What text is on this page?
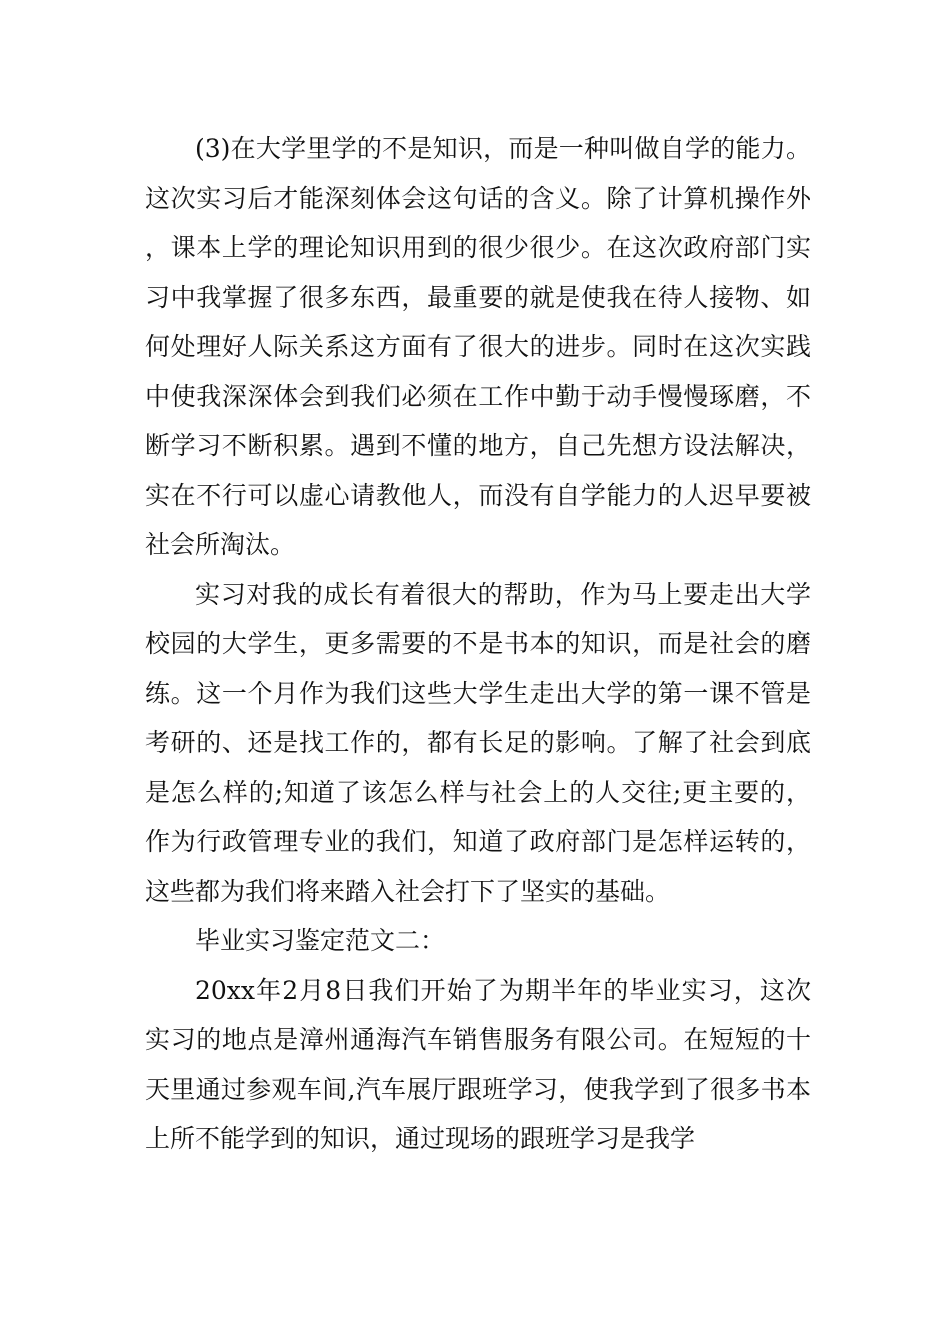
(3)在大学里学的不是知识，而是一种叫做自学的能力。这次实习后才能深刻体会这句话的含义。除了计算机操作外，课本上学的理论知识用到的很少很少。在这次政府部门实习中我掌握了很多东西，最重要的就是使我在待人接物、如何处理好人际关系这方面有了很大的进步。同时在这次实践中使我深深体会到我们必须在工作中勤于动手慢慢琢磨，不断学习不断积累。遇到不懂的地方，自己先想方设法解决，实在不行可以虚心请教他人，而没有自学能力的人迟早要被社会所淘汰。

实习对我的成长有着很大的帮助，作为马上要走出大学校园的大学生，更多需要的不是书本的知识，而是社会的磨练。这一个月作为我们这些大学生走出大学的第一课不管是考研的、还是找工作的，都有长足的影响。了解了社会到底是怎么样的;知道了该怎么样与社会上的人交往;更主要的，作为行政管理专业的我们，知道了政府部门是怎样运转的，这些都为我们将来踏入社会打下了坚实的基础。

毕业实习鉴定范文二：

20xx年2月8日我们开始了为期半年的毕业实习，这次实习的地点是漳州通海汽车销售服务有限公司。在短短的十天里通过参观车间,汽车展厅跟班学习，使我学到了很多书本上所不能学到的知识，通过现场的跟班学习是我学
